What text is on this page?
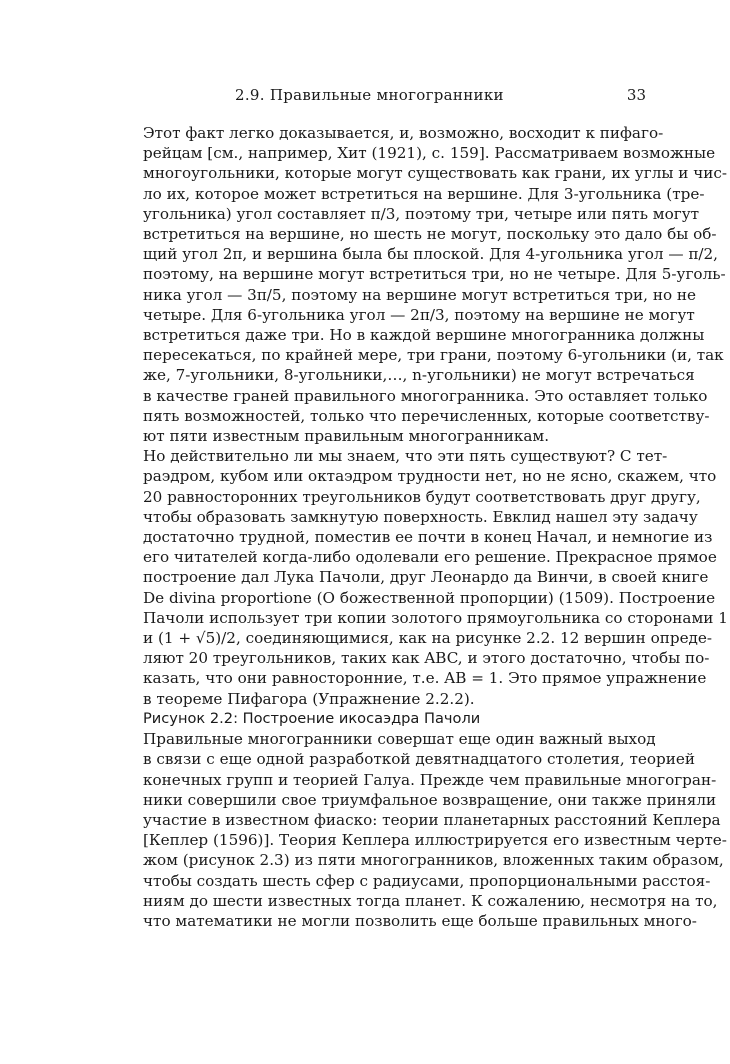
2.9. Правильные многогранники	33

Этот факт легко доказывается, и, возможно, восходит к пифаго-
рейцам [см., например, Хит (1921), с. 159]. Рассматриваем возможные
многоугольники, которые могут существовать как грани, их углы и чис-
ло их, которое может встретиться на вершине. Для 3-угольника (тре-
угольника) угол составляет π/3, поэтому три, четыре или пять могут
встретиться на вершине, но шесть не могут, поскольку это дало бы об-
щий угол 2π, и вершина была бы плоской. Для 4-угольника угол — π/2,
поэтому, на вершине могут встретиться три, но не четыре. Для 5-уголь-
ника угол — 3π/5, поэтому на вершине могут встретиться три, но не
четыре. Для 6-угольника угол — 2π/3, поэтому на вершине не могут
встретиться даже три. Но в каждой вершине многогранника должны
пересекаться, по крайней мере, три грани, поэтому 6-угольники (и, так
же, 7-угольники, 8-угольники,…, n-угольники) не могут встречаться
в качестве граней правильного многогранника. Это оставляет только
пять возможностей, только что перечисленных, которые соответству-
ют пяти известным правильным многогранникам.

Но действительно ли мы знаем, что эти пять существуют? С тет-
раэдром, кубом или октаэдром трудности нет, но не ясно, скажем, что
20 равносторонних треугольников будут соответствовать друг другу,
чтобы образовать замкнутую поверхность. Евклид нашел эту задачу
достаточно трудной, поместив ее почти в конец Начал, и немногие из
его читателей когда-либо одолевали его решение. Прекрасное прямое
построение дал Лука Пачоли, друг Леонардо да Винчи, в своей книге
De divina proportione (О божественной пропорции) (1509). Построение
Пачоли использует три копии золотого прямоугольника со сторонами 1
и (1 + √5)/2, соединяющимися, как на рисунке 2.2. 12 вершин опреде-
ляют 20 треугольников, таких как ABC, и этого достаточно, чтобы по-
казать, что они равносторонние, т.е. AB = 1. Это прямое упражнение
в теореме Пифагора (Упражнение 2.2.2).

Рисунок 2.2: Построение икосаэдра Пачоли

Правильные многогранники совершат еще один важный выход
в связи с еще одной разработкой девятнадцатого столетия, теорией
конечных групп и теорией Галуа. Прежде чем правильные многогран-
ники совершили свое триумфальное возвращение, они также приняли
участие в известном фиаско: теории планетарных расстояний Кеплера
[Кеплер (1596)]. Теория Кеплера иллюстрируется его известным черте-
жом (рисунок 2.3) из пяти многогранников, вложенных таким образом,
чтобы создать шесть сфер с радиусами, пропорциональными расстоя-
ниям до шести известных тогда планет. К сожалению, несмотря на то,
что математики не могли позволить еще больше правильных много-
